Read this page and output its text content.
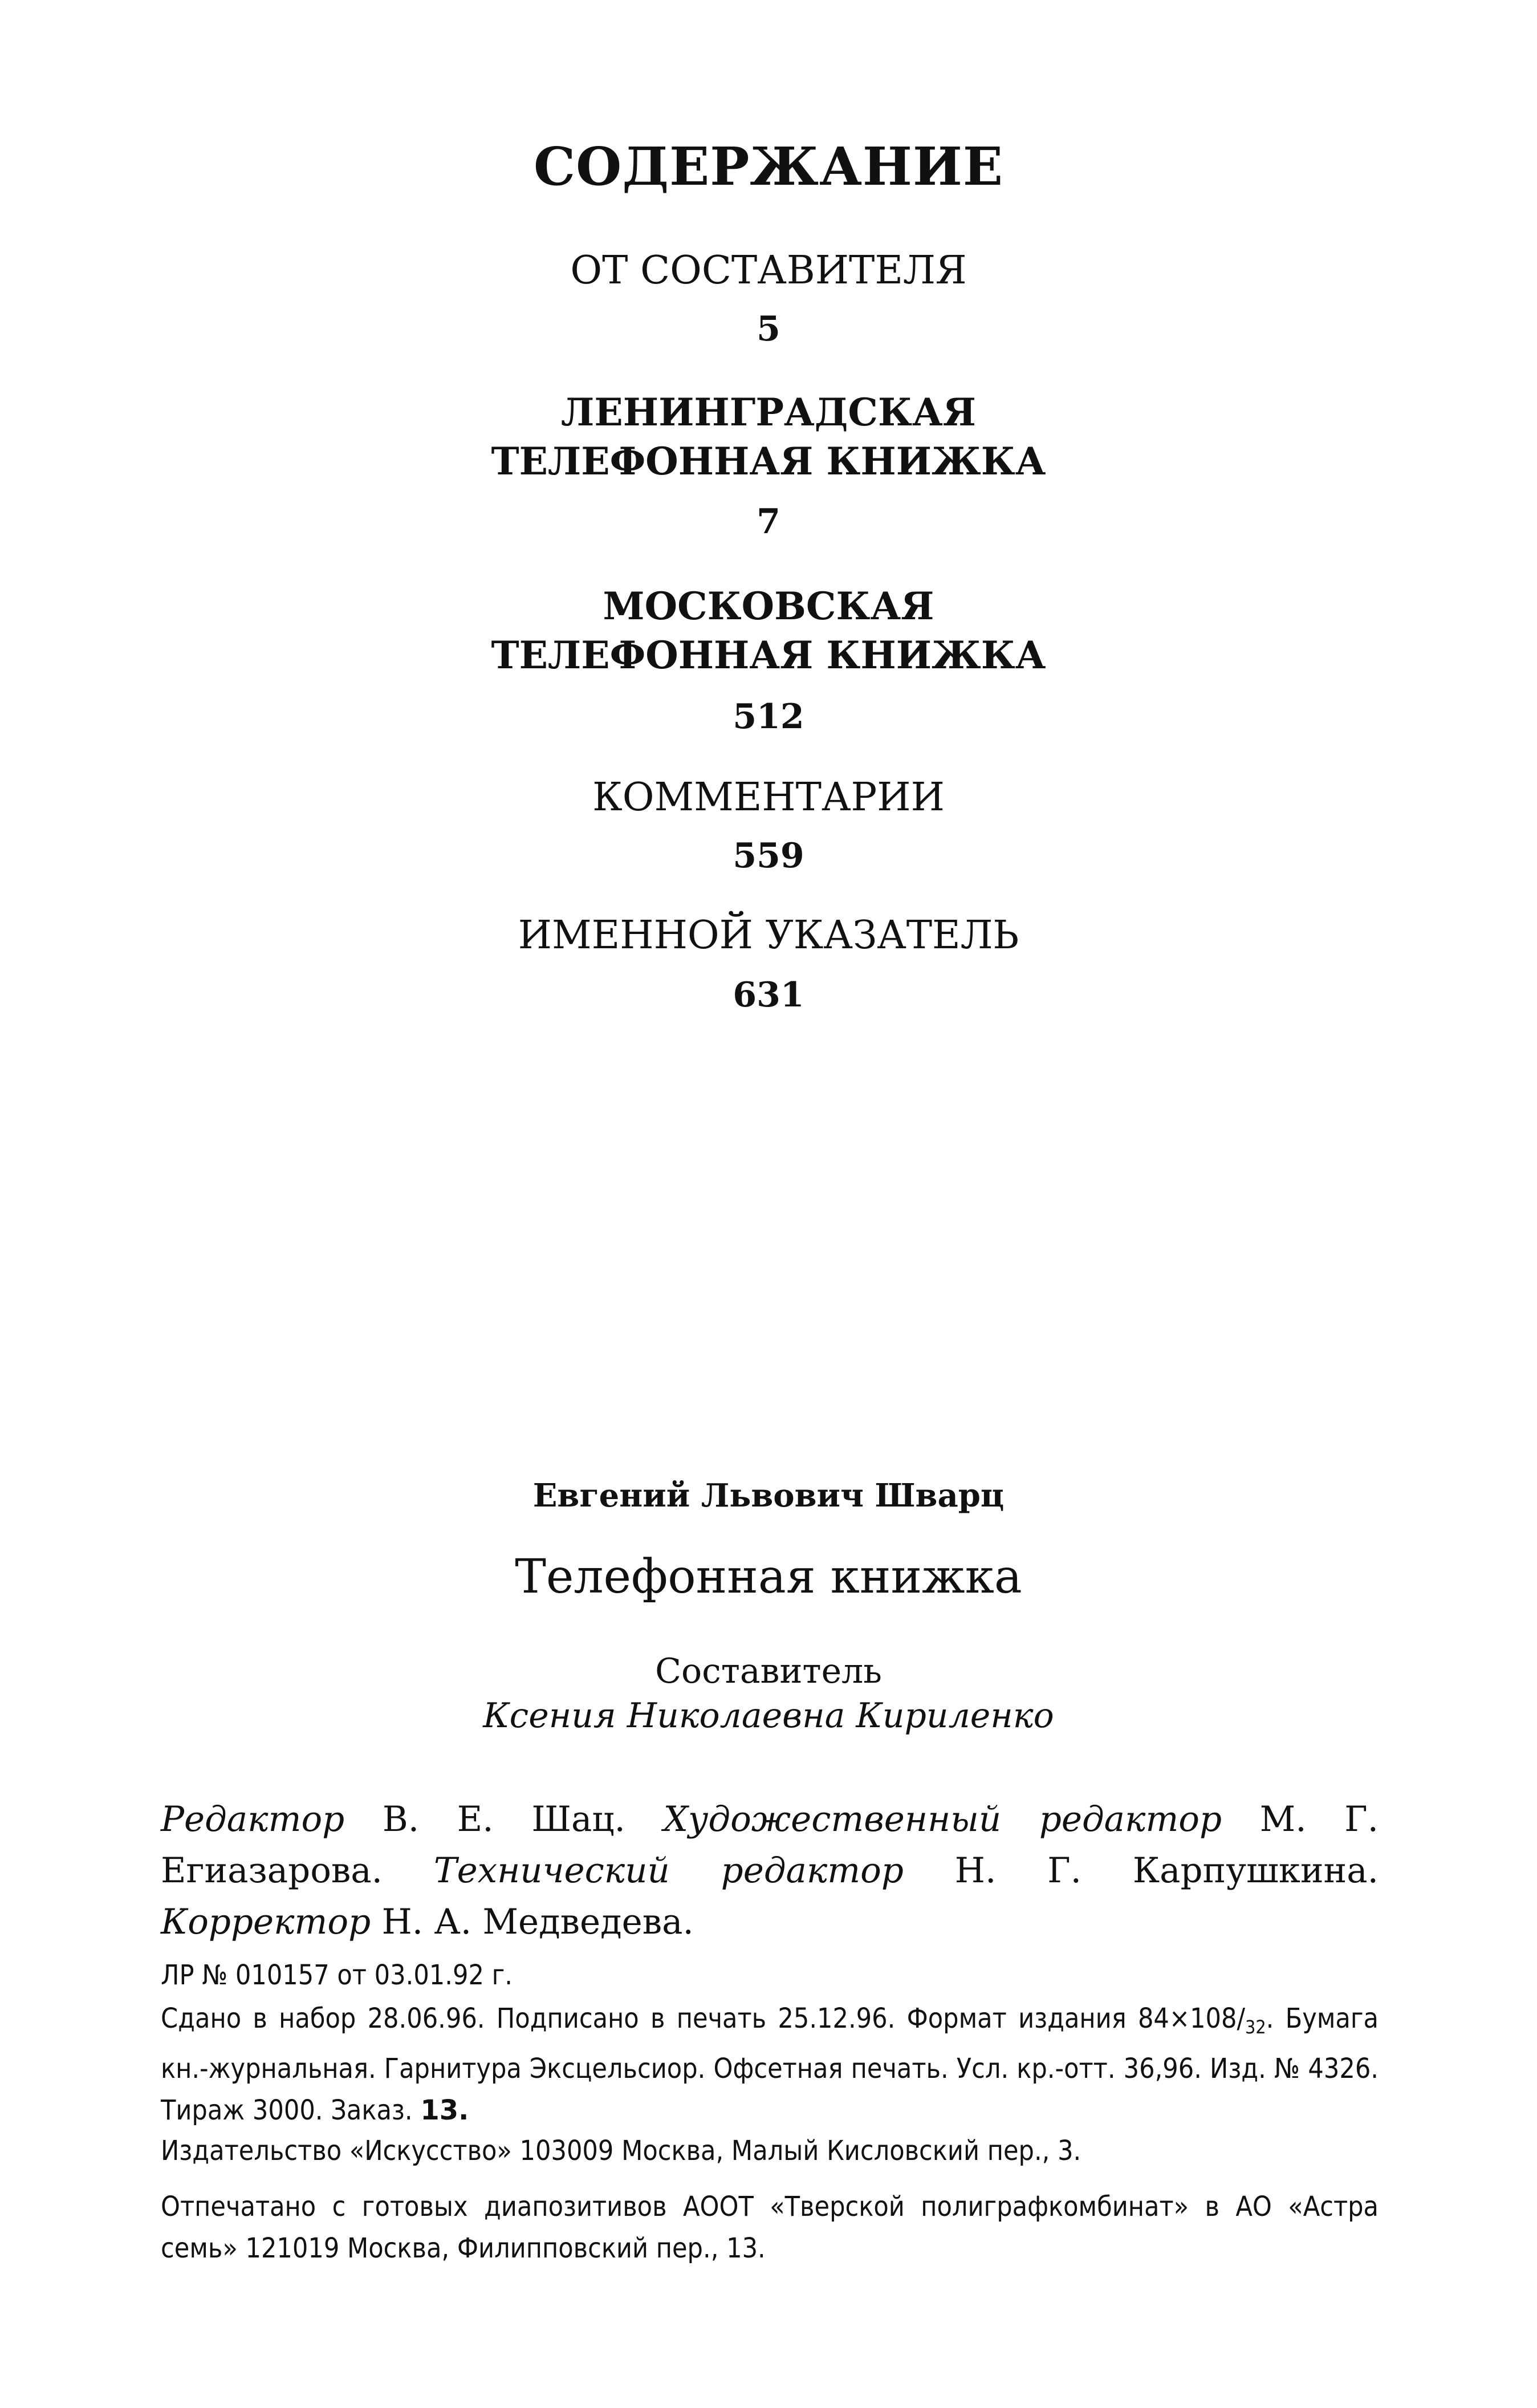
СОДЕРЖАНИЕ
ОТ СОСТАВИТЕЛЯ
5
ЛЕНИНГРАДСКАЯ
ТЕЛЕФОННАЯ КНИЖКА
7
МОСКОВСКАЯ
ТЕЛЕФОННАЯ КНИЖКА
512
КОММЕНТАРИИ
559
ИМЕННОЙ УКАЗАТЕЛЬ
631
Евгений Львович Шварц
Телефонная книжка
Составитель
Ксения Николаевна Кириленко
Редактор В. Е. Шац. Художественный редактор М. Г. Егиазарова. Технический редактор Н. Г. Карпушкина. Корректор Н. А. Медведева.
ЛР № 010157 от 03.01.92 г.
Сдано в набор 28.06.96. Подписано в печать 25.12.96. Формат издания $84\times 108/_{32}$. Бумага кн.-журнальная. Гарнитура Эксцельсиор. Офсетная печать. Усл. кр.-отт. 36,96. Изд. № 4326. Тираж 3000. Заказ. 13.
Издательство «Искусство» 103009 Москва, Малый Кисловский пер., 3.
Отпечатано с готовых диапозитивов АООТ «Тверской полиграфкомбинат» в АО «Астра семь» 121019 Москва, Филипповский пер., 13.
